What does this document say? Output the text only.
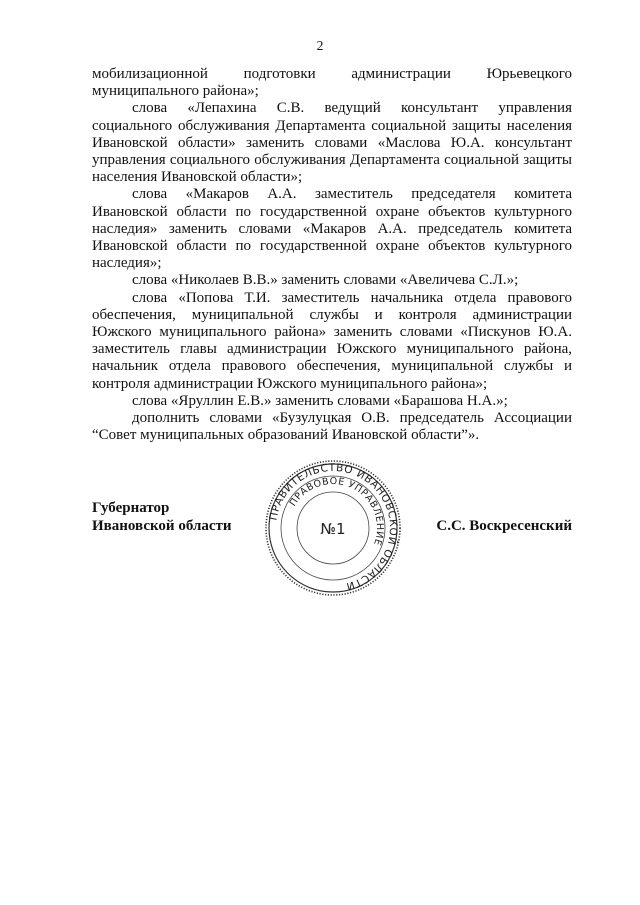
2

мобилизационной подготовки администрации Юрьевецкого муниципального района»;

слова «Лепахина С.В. ведущий консультант управления социального обслуживания Департамента социальной защиты населения Ивановской области» заменить словами «Маслова Ю.А. консультант управления социального обслуживания Департамента социальной защиты населения Ивановской области»;

слова «Макаров А.А. заместитель председателя комитета Ивановской области по государственной охране объектов культурного наследия» заменить словами «Макаров А.А. председатель комитета Ивановской области по государственной охране объектов культурного наследия»;

слова «Николаев В.В.» заменить словами «Авеличева С.Л.»;

слова «Попова Т.И. заместитель начальника отдела правового обеспечения, муниципальной службы и контроля администрации Южского муниципального района» заменить словами «Пискунов Ю.А. заместитель главы администрации Южского муниципального района, начальник отдела правового обеспечения, муниципальной службы и контроля администрации Южского муниципального района»;

слова «Яруллин Е.В.» заменить словами «Барашова Н.А.»;

дополнить словами «Бузулуцкая О.В. председатель Ассоциации “Совет муниципальных образований Ивановской области”».

Губернатор
Ивановской области
ПРАВИТЕЛЬСТВО ИВАНОВСКОЙ ОБЛАСТИ
ПРАВОВОЕ УПРАВЛЕНИЕ
№1	С.С. Воскресенский
